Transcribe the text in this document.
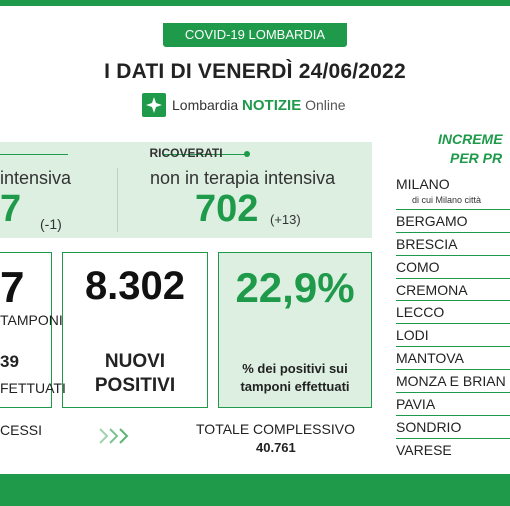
COVID-19 LOMBARDIA
I DATI DI VENERDÌ 24/06/2022
Lombardia NOTIZIE Online
RICOVERATI
intensiva
7 (-1)
non in terapia intensiva
702 (+13)
7
TAMPONI
39
FETTUATI
8.302
NUOVI
POSITIVI
22,9%
% dei positivi sui
tamponi effettuati
CESSI	TOTALE COMPLESSIVO
40.761
INCREME
PER PR
MILANO
di cui Milano città
BERGAMO
BRESCIA
COMO
CREMONA
LECCO
LODI
MANTOVA
MONZA E BRIAN
PAVIA
SONDRIO
VARESE
